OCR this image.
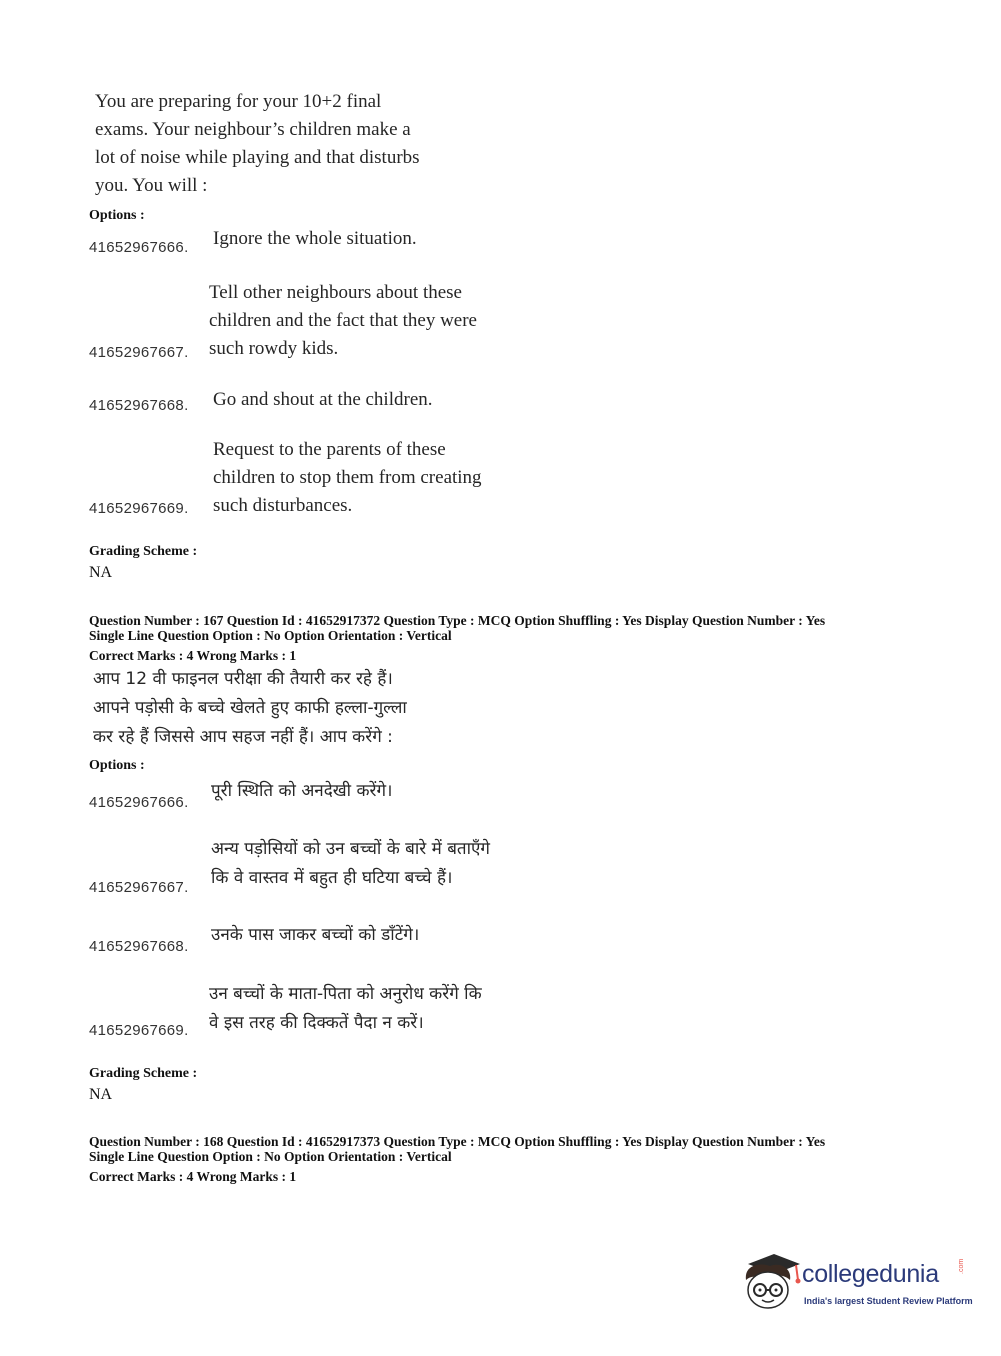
You are preparing for your 10+2 final
exams. Your neighbour’s children make a
lot of noise while playing and that disturbs
you. You will :
Options :
41652967666. Ignore the whole situation.
Tell other neighbours about these
children and the fact that they were
such rowdy kids.
41652967667.
41652967668. Go and shout at the children.
Request to the parents of these
children to stop them from creating
such disturbances.
41652967669.
Grading Scheme :
NA
Question Number : 167 Question Id : 41652917372 Question Type : MCQ Option Shuffling : Yes Display Question Number : Yes
Single Line Question Option : No Option Orientation : Vertical
Correct Marks : 4 Wrong Marks : 1
आप 12 वी फाइनल परीक्षा की तैयारी कर रहे हैं।
आपने पड़ोसी के बच्चे खेलते हुए काफी हल्ला-गुल्ला
कर रहे हैं जिससे आप सहज नहीं हैं। आप करेंगे :
Options :
41652967666.
पूरी स्थिति को अनदेखी करेंगे।
अन्य पड़ोसियों को उन बच्चों के बारे में बताएँगे
कि वे वास्तव में बहुत ही घटिया बच्चे हैं।
41652967667.
41652967668.
उनके पास जाकर बच्चों को डाँटेंगे।
उन बच्चों के माता-पिता को अनुरोध करेंगे कि
वे इस तरह की दिक्कतें पैदा न करें।
41652967669.
Grading Scheme :
NA
Question Number : 168 Question Id : 41652917373 Question Type : MCQ Option Shuffling : Yes Display Question Number : Yes
Single Line Question Option : No Option Orientation : Vertical
Correct Marks : 4 Wrong Marks : 1
collegedunia	.com
India's largest Student Review Platform
